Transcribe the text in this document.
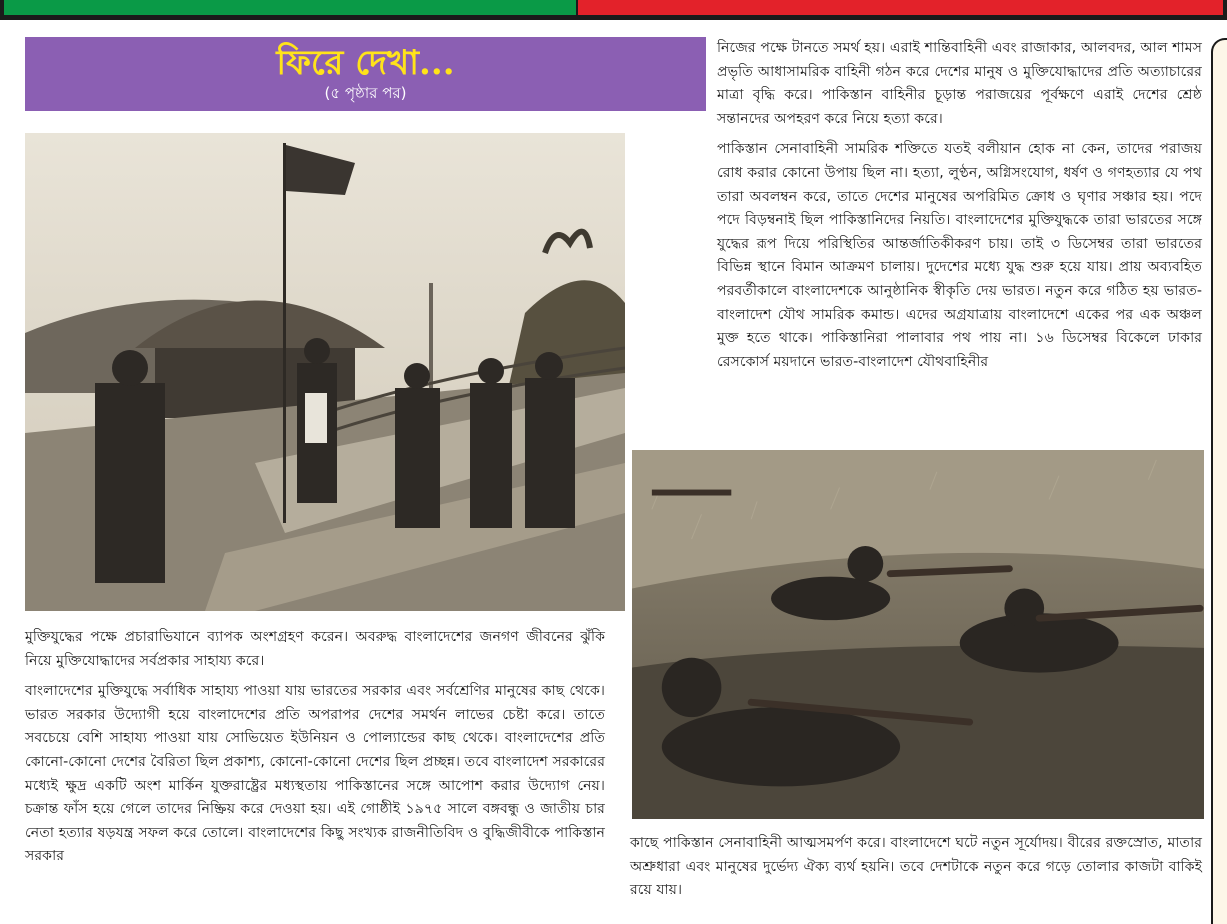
ফিরে দেখা...
(৫ পৃষ্ঠার পর)

নিজের পক্ষে টানতে সমর্থ হয়। এরাই শান্তিবাহিনী এবং রাজাকার, আলবদর, আল শামস প্রভৃতি আধাসামরিক বাহিনী গঠন করে দেশের মানুষ ও মুক্তিযোদ্ধাদের প্রতি অত্যাচারের মাত্রা বৃদ্ধি করে। পাকিস্তান বাহিনীর চূড়ান্ত পরাজয়ের পূর্বক্ষণে এরাই দেশের শ্রেষ্ঠ সন্তানদের অপহরণ করে নিয়ে হত্যা করে।

পাকিস্তান সেনাবাহিনী সামরিক শক্তিতে যতই বলীয়ান হোক না কেন, তাদের পরাজয় রোধ করার কোনো উপায় ছিল না। হত্যা, লুণ্ঠন, অগ্নিসংযোগ, ধর্ষণ ও গণহত্যার যে পথ তারা অবলম্বন করে, তাতে দেশের মানুষের অপরিমিত ক্রোধ ও ঘৃণার সঞ্চার হয়। পদে পদে বিড়ম্বনাই ছিল পাকিস্তানিদের নিয়তি। বাংলাদেশের মুক্তিযুদ্ধকে তারা ভারতের সঙ্গে যুদ্ধের রূপ দিয়ে পরিস্থিতির আন্তর্জাতিকীকরণ চায়। তাই ৩ ডিসেম্বর তারা ভারতের বিভিন্ন স্থানে বিমান আক্রমণ চালায়। দুদেশের মধ্যে যুদ্ধ শুরু হয়ে যায়। প্রায় অব্যবহিত পরবর্তীকালে বাংলাদেশকে আনুষ্ঠানিক স্বীকৃতি দেয় ভারত। নতুন করে গঠিত হয় ভারত-বাংলাদেশ যৌথ সামরিক কমান্ড। এদের অগ্রযাত্রায় বাংলাদেশে একের পর এক অঞ্চল মুক্ত হতে থাকে। পাকিস্তানিরা পালাবার পথ পায় না। ১৬ ডিসেম্বর বিকেলে ঢাকার রেসকোর্স ময়দানে ভারত-বাংলাদেশ যৌথবাহিনীর

মুক্তিযুদ্ধের পক্ষে প্রচারাভিযানে ব্যাপক অংশগ্রহণ করেন। অবরুদ্ধ বাংলাদেশের জনগণ জীবনের ঝুঁকি নিয়ে মুক্তিযোদ্ধাদের সর্বপ্রকার সাহায্য করে।

বাংলাদেশের মুক্তিযুদ্ধে সর্বাধিক সাহায্য পাওয়া যায় ভারতের সরকার এবং সর্বশ্রেণির মানুষের কাছ থেকে। ভারত সরকার উদ্যোগী হয়ে বাংলাদেশের প্রতি অপরাপর দেশের সমর্থন লাভের চেষ্টা করে। তাতে সবচেয়ে বেশি সাহায্য পাওয়া যায় সোভিয়েত ইউনিয়ন ও পোল্যান্ডের কাছ থেকে। বাংলাদেশের প্রতি কোনো-কোনো দেশের বৈরিতা ছিল প্রকাশ্য, কোনো-কোনো দেশের ছিল প্রচ্ছন্ন। তবে বাংলাদেশ সরকারের মধ্যেই ক্ষুদ্র একটি অংশ মার্কিন যুক্তরাষ্ট্রের মধ্যস্থতায় পাকিস্তানের সঙ্গে আপোশ করার উদ্যোগ নেয়। চক্রান্ত ফাঁস হয়ে গেলে তাদের নিষ্ক্রিয় করে দেওয়া হয়। এই গোষ্ঠীই ১৯৭৫ সালে বঙ্গবন্ধু ও জাতীয় চার নেতা হত্যার ষড়যন্ত্র সফল করে তোলে। বাংলাদেশের কিছু সংখ্যক রাজনীতিবিদ ও বুদ্ধিজীবীকে পাকিস্তান সরকার

কাছে পাকিস্তান সেনাবাহিনী আত্মসমর্পণ করে। বাংলাদেশে ঘটে নতুন সূর্যোদয়। বীরের রক্তস্রোত, মাতার অশ্রুধারা এবং মানুষের দুর্ভেদ্য ঐক্য ব্যর্থ হয়নি। তবে দেশটাকে নতুন করে গড়ে তোলার কাজটা বাকিই রয়ে যায়।
